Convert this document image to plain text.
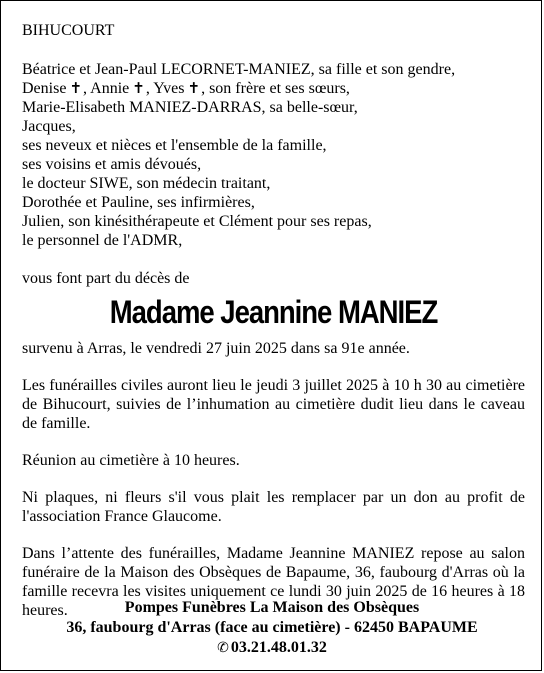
BIHUCOURT
Béatrice et Jean-Paul LECORNET-MANIEZ, sa fille et son gendre,
Denise ✝, Annie ✝, Yves ✝, son frère et ses sœurs,
Marie-Elisabeth MANIEZ-DARRAS, sa belle-sœur,
Jacques,
ses neveux et nièces et l'ensemble de la famille,
ses voisins et amis dévoués,
le docteur SIWE, son médecin traitant,
Dorothée et Pauline, ses infirmières,
Julien, son kinésithérapeute et Clément pour ses repas,
le personnel de l'ADMR,
vous font part du décès de
Madame Jeannine MANIEZ

survenu à Arras, le vendredi 27 juin 2025 dans sa 91e année.

Les funérailles civiles auront lieu le jeudi 3 juillet 2025 à 10 h 30 au cimetière de Bihucourt, suivies de l’inhumation au cimetière dudit lieu dans le caveau de famille.

Réunion au cimetière à 10 heures.

Ni plaques, ni fleurs s'il vous plait les remplacer par un don au profit de l'association France Glaucome.

Dans l’attente des funérailles, Madame Jeannine MANIEZ repose au salon funéraire de la Maison des Obsèques de Bapaume, 36, faubourg d'Arras où la famille recevra les visites uniquement ce lundi 30 juin 2025 de 16 heures à 18 heures.	Pompes Funèbres La Maison des Obsèques
36, faubourg d'Arras (face au cimetière) - 62450 BAPAUME
✆ 03.21.48.01.32
